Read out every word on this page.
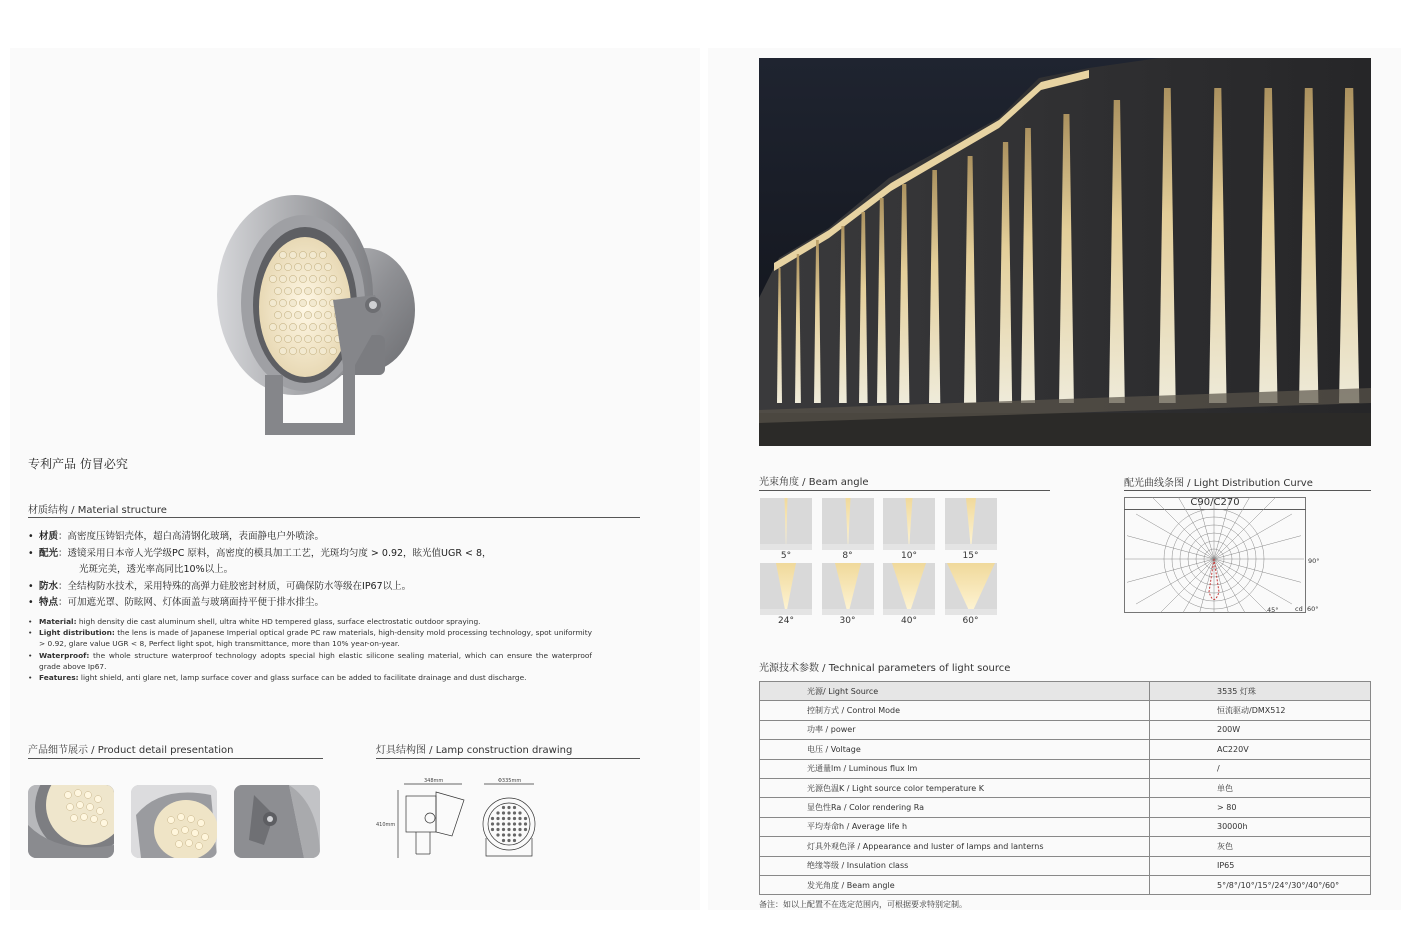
专利产品 仿冒必究
材质结构 / Material structure
• 材质：高密度压铸铝壳体，超白高清钢化玻璃，表面静电户外喷涂。
• 配光：透镜采用日本帝人光学级PC 原料，高密度的模具加工工艺，光斑均匀度 > 0.92，眩光值UGR < 8，
光斑完美，透光率高同比10%以上。
• 防水：全结构防水技术，采用特殊的高弹力硅胶密封材质，可确保防水等级在IP67以上。
• 特点：可加遮光罩、防眩网、灯体面盖与玻璃面持平便于排水排尘。
• Material: high density die cast aluminum shell, ultra white HD tempered glass, surface electrostatic outdoor spraying.
• Light distribution: the lens is made of Japanese Imperial optical grade PC raw materials, high-density mold processing technology, spot uniformity > 0.92, glare value UGR < 8, Perfect light spot, high transmittance, more than 10% year-on-year.
• Waterproof: the whole structure waterproof technology adopts special high elastic silicone sealing material, which can ensure the waterproof grade above Ip67.
• Features: light shield, anti glare net, lamp surface cover and glass surface can be added to facilitate drainage and dust discharge.
产品细节展示 / Product detail presentation	灯具结构图 / Lamp construction drawing
348mm
410mm
Φ335mm
光束角度 / Beam angle
5°	8°	10°	15°
24°	30°	40°	60°
配光曲线条图 / Light Distribution Curve
C90/C270
90°
45°	cd 60°
光源技术参数 / Technical parameters of light source
光源/ Light Source	3535 灯珠
控制方式 / Control Mode	恒流驱动/DMX512
功率 / power	200W
电压 / Voltage	AC220V
光通量lm / Luminous flux lm	/
光源色温K / Light source color temperature K	单色
显色性Ra / Color rendering Ra	> 80
平均寿命h / Average life h	30000h
灯具外观色泽 / Appearance and luster of lamps and lanterns	灰色
绝缘等级 / Insulation class	IP65
发光角度 / Beam angle	5°/8°/10°/15°/24°/30°/40°/60°
备注：如以上配置不在选定范围内，可根据要求特别定制。
